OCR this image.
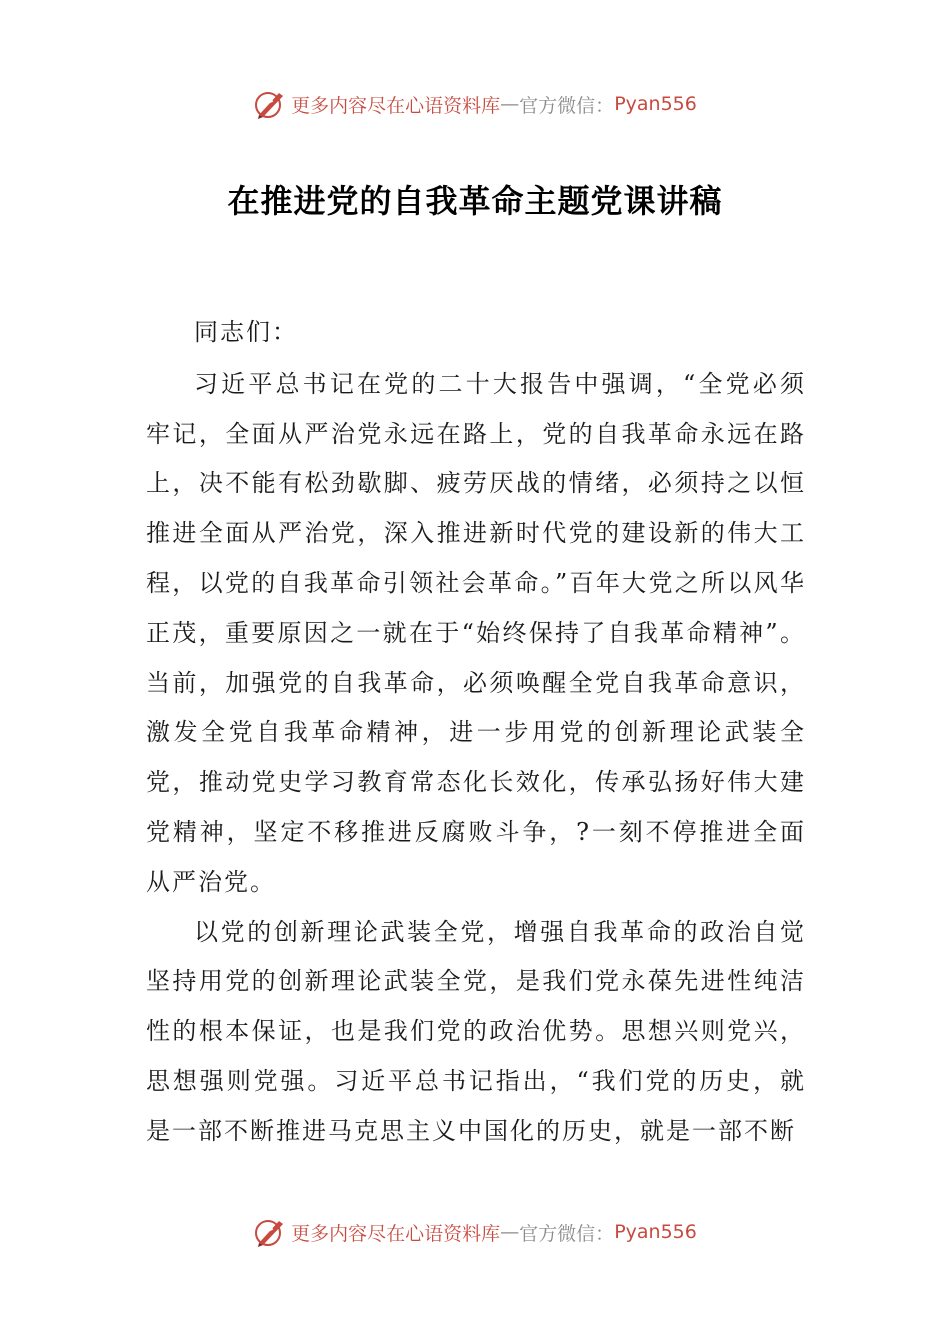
更多内容尽在心语资料库 — 官方微信： Pyan556
在推进党的自我革命主题党课讲稿

同志们：

习近平总书记在党的二十大报告中强调，“全党必须牢记，全面从严治党永远在路上，党的自我革命永远在路上，决不能有松劲歇脚、疲劳厌战的情绪，必须持之以恒推进全面从严治党，深入推进新时代党的建设新的伟大工程，以党的自我革命引领社会革命。”百年大党之所以风华正茂，重要原因之一就在于“始终保持了自我革命精神”。当前，加强党的自我革命，必须唤醒全党自我革命意识，激发全党自我革命精神，进一步用党的创新理论武装全党，推动党史学习教育常态化长效化，传承弘扬好伟大建党精神，坚定不移推进反腐败斗争，?一刻不停推进全面从严治党。

以党的创新理论武装全党，增强自我革命的政治自觉坚持用党的创新理论武装全党，是我们党永葆先进性纯洁性的根本保证，也是我们党的政治优势。思想兴则党兴，思想强则党强。习近平总书记指出，“我们党的历史，就是一部不断推进马克思主义中国化的历史，就是一部不断

更多内容尽在心语资料库 — 官方微信： Pyan556
